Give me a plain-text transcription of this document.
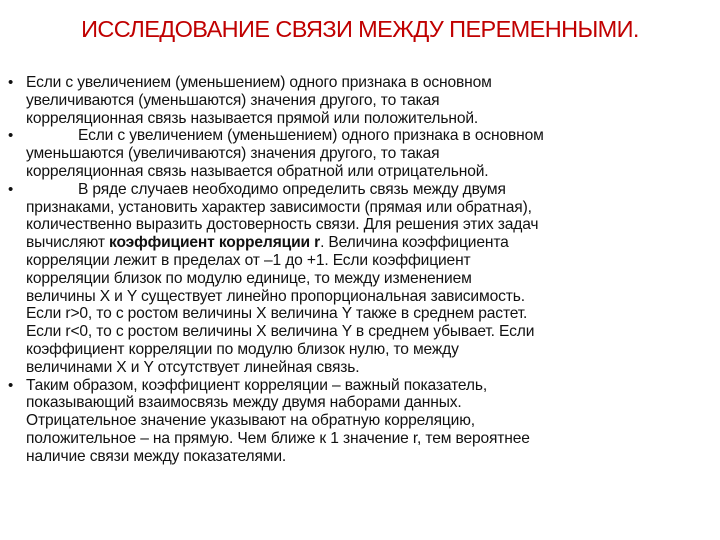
ИССЛЕДОВАНИЕ СВЯЗИ МЕЖДУ ПЕРЕМЕННЫМИ.
• Если с увеличением (уменьшением) одного признака в основном
увеличиваются (уменьшаются) значения другого, то такая
корреляционная связь называется прямой или положительной.
•	Если с увеличением (уменьшением) одного признака в основном
уменьшаются (увеличиваются) значения другого, то такая
корреляционная связь называется обратной или отрицательной.
•	В ряде случаев необходимо определить связь между двумя
признаками, установить характер зависимости (прямая или обратная),
количественно выразить достоверность связи. Для решения этих задач
вычисляют коэффициент корреляции r. Величина коэффициента
корреляции лежит в пределах от –1 до +1. Если коэффициент
корреляции близок по модулю единице, то между изменением
величины X и Y существует линейно пропорциональная зависимость.
Если r>0, то с ростом величины X величина Y также в среднем растет.
Если r<0, то с ростом величины X величина Y в среднем убывает. Если
коэффициент корреляции по модулю близок нулю, то между
величинами X и Y отсутствует линейная связь.
• Таким образом, коэффициент корреляции – важный показатель,
показывающий взаимосвязь между двумя наборами данных.
Отрицательное значение указывают на обратную корреляцию,
положительное – на прямую. Чем ближе к 1 значение r, тем вероятнее
наличие связи между показателями.
